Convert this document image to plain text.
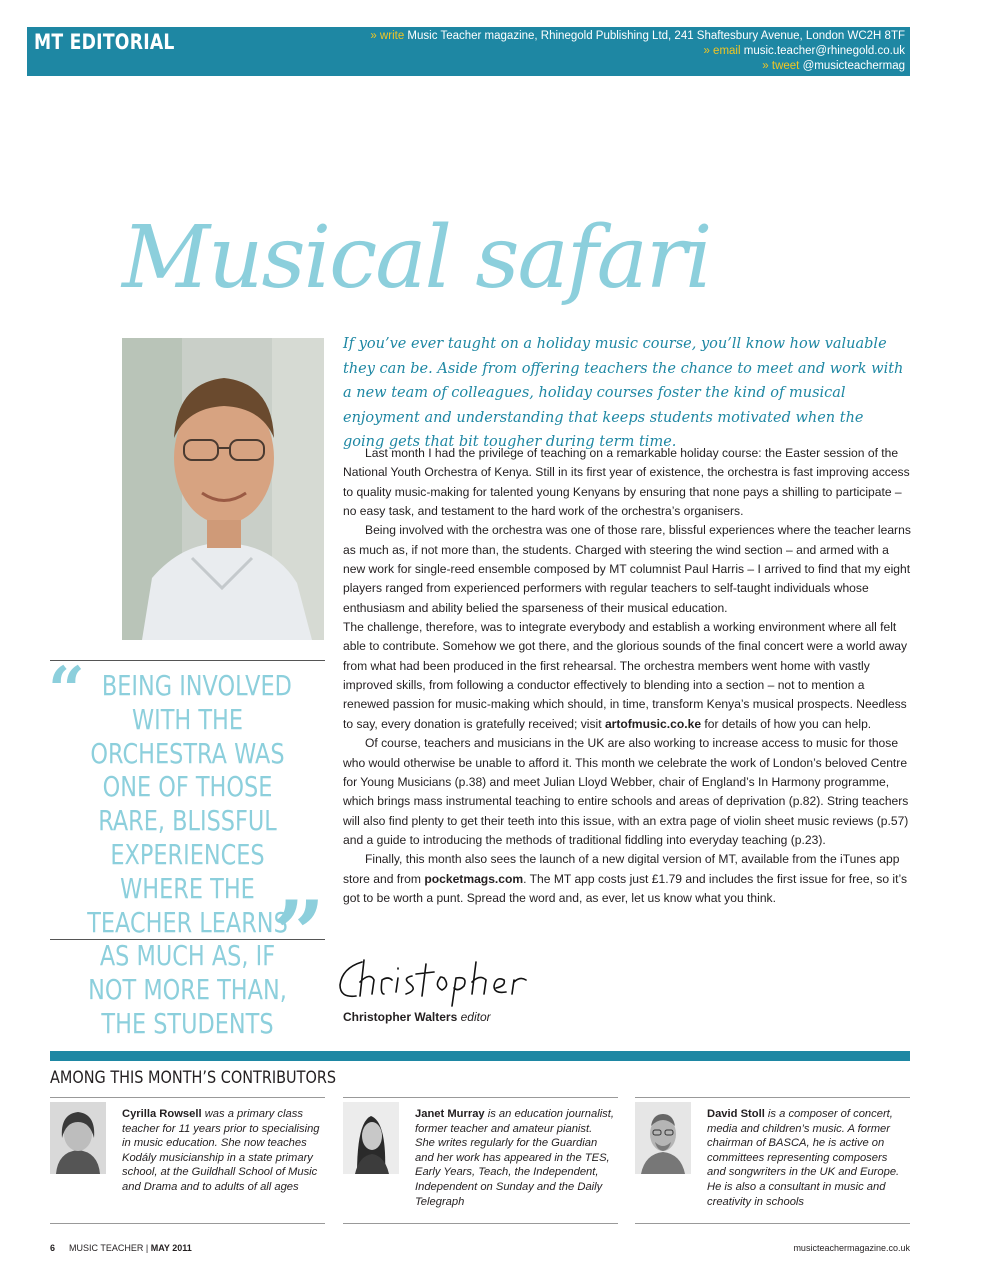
MT EDITORIAL	» write Music Teacher magazine, Rhinegold Publishing Ltd, 241 Shaftesbury Avenue, London WC2H 8TF
» email music.teacher@rhinegold.co.uk
» tweet @musicteachermag
Musical safari
If you’ve ever taught on a holiday music course, you’ll know how valuable they can be. Aside from offering teachers the chance to meet and work with a new team of colleagues, holiday courses foster the kind of musical enjoyment and understanding that keeps students motivated when the going gets that bit tougher during term time.

Last month I had the privilege of teaching on a remarkable holiday course: the Easter session of the National Youth Orchestra of Kenya. Still in its first year of existence, the orchestra is fast improving access to quality music-making for talented young Kenyans by ensuring that none pays a shilling to participate – no easy task, and testament to the hard work of the orchestra’s organisers.

Being involved with the orchestra was one of those rare, blissful experiences where the teacher learns as much as, if not more than, the students. Charged with steering the wind section – and armed with a new work for single-reed ensemble composed by MT columnist Paul Harris – I arrived to find that my eight players ranged from experienced performers with regular teachers to self-taught individuals whose enthusiasm and ability belied the sparseness of their musical education.

The challenge, therefore, was to integrate everybody and establish a working environment where all felt able to contribute. Somehow we got there, and the glorious sounds of the final concert were a world away from what had been produced in the first rehearsal. The orchestra members went home with vastly improved skills, from following a conductor effectively to blending into a section – not to mention a renewed passion for music-making which should, in time, transform Kenya’s musical prospects. Needless to say, every donation is gratefully received; visit artofmusic.co.ke for details of how you can help.

Of course, teachers and musicians in the UK are also working to increase access to music for those who would otherwise be unable to afford it. This month we celebrate the work of London’s beloved Centre for Young Musicians (p.38) and meet Julian Lloyd Webber, chair of England’s In Harmony programme, which brings mass instrumental teaching to entire schools and areas of deprivation (p.82). String teachers will also find plenty to get their teeth into this issue, with an extra page of violin sheet music reviews (p.57) and a guide to introducing the methods of traditional fiddling into everyday teaching (p.23).

Finally, this month also sees the launch of a new digital version of MT, available from the iTunes app store and from pocketmags.com. The MT app costs just £1.79 and includes the first issue for free, so it’s got to be worth a punt. Spread the word and, as ever, let us know what you think.

BEING INVOLVED WITH THE ORCHESTRA WAS ONE OF THOSE RARE, BLISSFUL EXPERIENCES WHERE THE TEACHER LEARNS AS MUCH AS, IF NOT MORE THAN, THE STUDENTS
“
”
Christopher Walters editor
AMONG THIS MONTH’S CONTRIBUTORS
Cyrilla Rowsell was a primary class teacher for 11 years prior to specialising in music education. She now teaches Kodály musicianship in a state primary school, at the Guildhall School of Music and Drama and to adults of all ages
Janet Murray is an education journalist, former teacher and amateur pianist. She writes regularly for the Guardian and her work has appeared in the TES, Early Years, Teach, the Independent, Independent on Sunday and the Daily Telegraph
David Stoll is a composer of concert, media and children’s music. A former chairman of BASCA, he is active on committees representing composers and songwriters in the UK and Europe. He is also a consultant in music and creativity in schools
6 MUSIC TEACHER | MAY 2011	musicteachermagazine.co.uk
